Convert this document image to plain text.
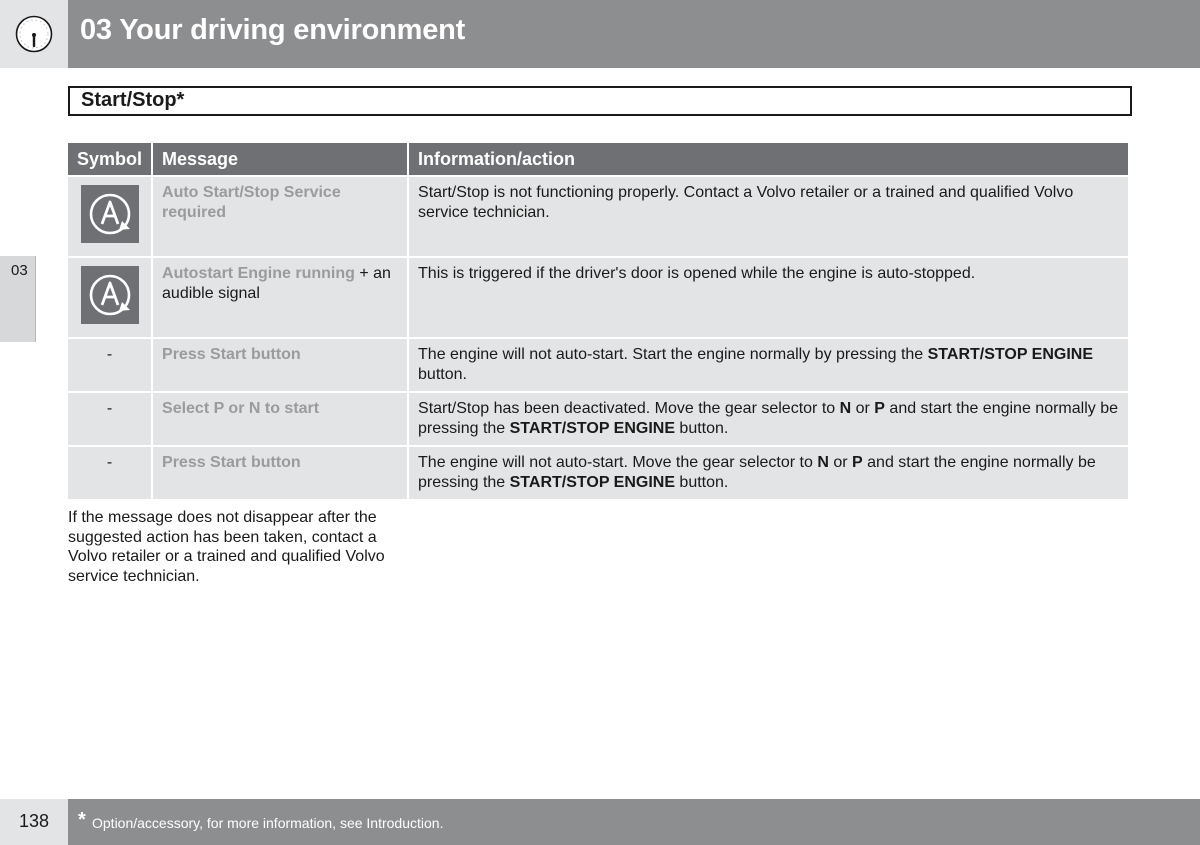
03 Your driving environment
Start/Stop*
03
Symbol	Message	Information/action

	Auto Start/Stop Service required	Start/Stop is not functioning properly. Contact a Volvo retailer or a trained and qualified Volvo service technician.

	Autostart Engine running + an audible signal	This is triggered if the driver's door is opened while the engine is auto-stopped.
-	Press Start button	The engine will not auto-start. Start the engine normally by pressing the START/STOP ENGINE button.
-	Select P or N to start	Start/Stop has been deactivated. Move the gear selector to N or P and start the engine normally be pressing the START/STOP ENGINE button.
-	Press Start button	The engine will not auto-start. Move the gear selector to N or P and start the engine normally be pressing the START/STOP ENGINE button.
If the message does not disappear after the suggested action has been taken, contact a Volvo retailer or a trained and qualified Volvo service technician.
138 * Option/accessory, for more information, see Introduction.
